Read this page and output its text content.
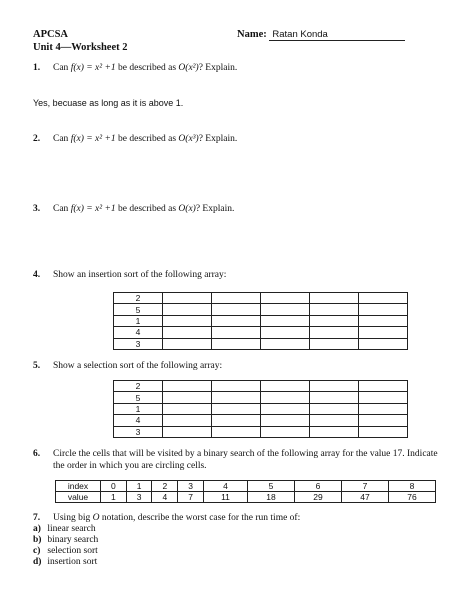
APCSA
Unit 4—Worksheet 2
Name: Ratan Konda
1. Can f(x) = x² +1 be described as O(x²)? Explain.
Yes, becuase as long as it is above 1.
2. Can f(x) = x² +1 be described as O(x³)? Explain.
3. Can f(x) = x² +1 be described as O(x)? Explain.
4. Show an insertion sort of the following array:
2					
5					
1					
4					
3					
5. Show a selection sort of the following array:
2					
5					
1					
4					
3					
6. Circle the cells that will be visited by a binary search of the following array for the value 17. Indicate
the order in which you are circling cells.
index	0	1	2	3	4	5	6	7	8
value	1	3	4	7	11	18	29	47	76
7. Using big O notation, describe the worst case for the run time of:
a) linear search
b) binary search
c) selection sort
d) insertion sort
